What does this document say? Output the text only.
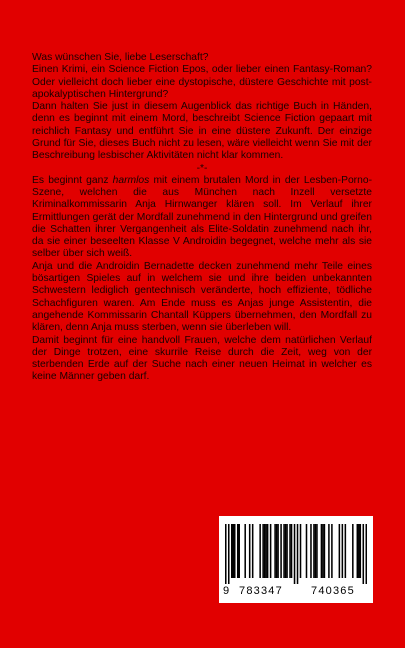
Was wünschen Sie, liebe Leserschaft?

Einen Krimi, ein Science Fiction Epos, oder lieber einen Fantasy-Roman? Oder vielleicht doch lieber eine dystopische, düstere Geschichte mit post-apokalyptischen Hintergrund?

Dann halten Sie just in diesem Augenblick das richtige Buch in Händen, denn es beginnt mit einem Mord, beschreibt Science Fiction gepaart mit reichlich Fantasy und entführt Sie in eine düstere Zukunft. Der einzige Grund für Sie, dieses Buch nicht zu lesen, wäre vielleicht wenn Sie mit der Beschreibung lesbischer Aktivitäten nicht klar kommen.

-*-

Es beginnt ganz harmlos mit einem brutalen Mord in der Lesben-Porno-Szene, welchen die aus München nach Inzell versetzte Kriminalkommissarin Anja Hirnwanger klären soll. Im Verlauf ihrer Ermittlungen gerät der Mordfall zunehmend in den Hintergrund und greifen die Schatten ihrer Vergangenheit als Elite-Soldatin zunehmend nach ihr, da sie einer beseelten Klasse V Androidin begegnet, welche mehr als sie selber über sich weiß.

Anja und die Androidin Bernadette decken zunehmend mehr Teile eines bösartigen Spieles auf in welchem sie und ihre beiden unbekannten Schwestern lediglich gentechnisch veränderte, hoch effiziente, tödliche Schachfiguren waren. Am Ende muss es Anjas junge Assistentin, die angehende Kommissarin Chantall Küppers übernehmen, den Mordfall zu klären, denn Anja muss sterben, wenn sie überleben will.

Damit beginnt für eine handvoll Frauen, welche dem natürlichen Verlauf der Dinge trotzen, eine skurrile Reise durch die Zeit, weg von der sterbenden Erde auf der Suche nach einer neuen Heimat in welcher es keine Männer geben darf.

9 783347	740365
